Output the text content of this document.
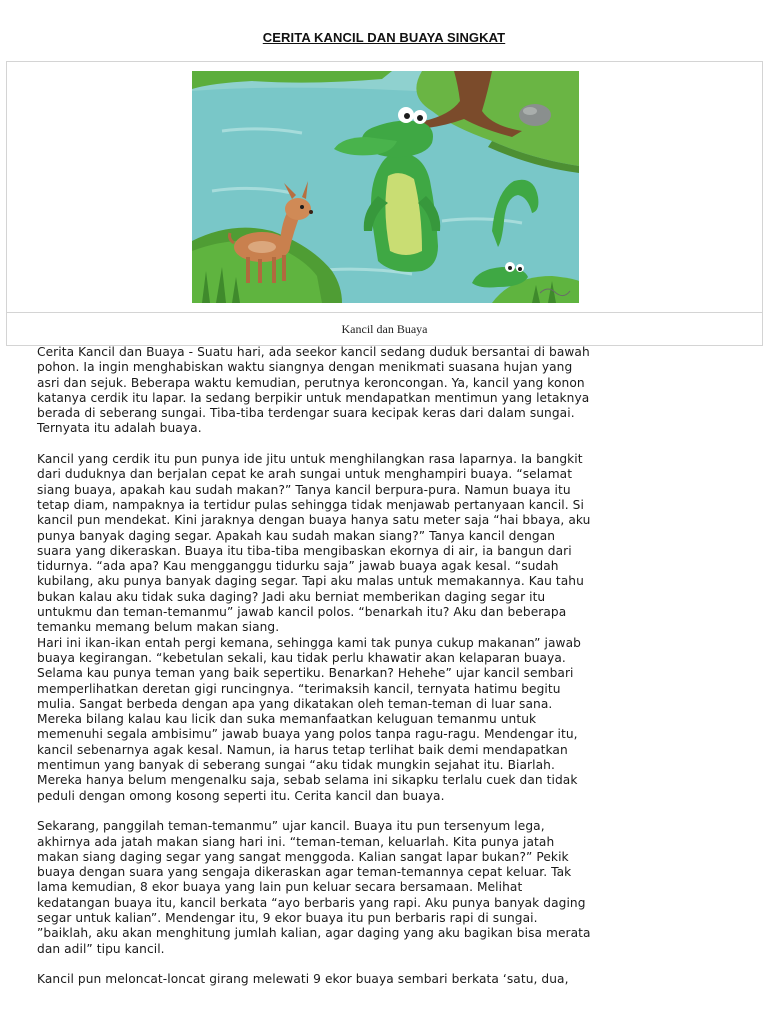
CERITA KANCIL DAN BUAYA SINGKAT
Kancil dan Buaya

Cerita Kancil dan Buaya - Suatu hari, ada seekor kancil sedang duduk bersantai di bawah
pohon. Ia ingin menghabiskan waktu siangnya dengan menikmati suasana hujan yang
asri dan sejuk. Beberapa waktu kemudian, perutnya keroncongan. Ya, kancil yang konon
katanya cerdik itu lapar. Ia sedang berpikir untuk mendapatkan mentimun yang letaknya
berada di seberang sungai. Tiba-tiba terdengar suara kecipak keras dari dalam sungai.
Ternyata itu adalah buaya.

Kancil yang cerdik itu pun punya ide jitu untuk menghilangkan rasa laparnya. Ia bangkit
dari duduknya dan berjalan cepat ke arah sungai untuk menghampiri buaya. “selamat
siang buaya, apakah kau sudah makan?” Tanya kancil berpura-pura. Namun buaya itu
tetap diam, nampaknya ia tertidur pulas sehingga tidak menjawab pertanyaan kancil. Si
kancil pun mendekat. Kini jaraknya dengan buaya hanya satu meter saja “hai bbaya, aku
punya banyak daging segar. Apakah kau sudah makan siang?” Tanya kancil dengan
suara yang dikeraskan. Buaya itu tiba-tiba mengibaskan ekornya di air, ia bangun dari
tidurnya. “ada apa? Kau mengganggu tidurku saja” jawab buaya agak kesal. “sudah
kubilang, aku punya banyak daging segar. Tapi aku malas untuk memakannya. Kau tahu
bukan kalau aku tidak suka daging? Jadi aku berniat memberikan daging segar itu
untukmu dan teman-temanmu” jawab kancil polos. “benarkah itu? Aku dan beberapa
temanku memang belum makan siang.

Hari ini ikan-ikan entah pergi kemana, sehingga kami tak punya cukup makanan” jawab
buaya kegirangan. “kebetulan sekali, kau tidak perlu khawatir akan kelaparan buaya.
Selama kau punya teman yang baik sepertiku. Benarkan? Hehehe” ujar kancil sembari
memperlihatkan deretan gigi runcingnya. “terimaksih kancil, ternyata hatimu begitu
mulia. Sangat berbeda dengan apa yang dikatakan oleh teman-teman di luar sana.
Mereka bilang kalau kau licik dan suka memanfaatkan keluguan temanmu untuk
memenuhi segala ambisimu” jawab buaya yang polos tanpa ragu-ragu. Mendengar itu,
kancil sebenarnya agak kesal. Namun, ia harus tetap terlihat baik demi mendapatkan
mentimun yang banyak di seberang sungai “aku tidak mungkin sejahat itu. Biarlah.
Mereka hanya belum mengenalku saja, sebab selama ini sikapku terlalu cuek dan tidak
peduli dengan omong kosong seperti itu. Cerita kancil dan buaya.

Sekarang, panggilah teman-temanmu” ujar kancil. Buaya itu pun tersenyum lega,
akhirnya ada jatah makan siang hari ini. “teman-teman, keluarlah. Kita punya jatah
makan siang daging segar yang sangat menggoda. Kalian sangat lapar bukan?” Pekik
buaya dengan suara yang sengaja dikeraskan agar teman-temannya cepat keluar. Tak
lama kemudian, 8 ekor buaya yang lain pun keluar secara bersamaan. Melihat
kedatangan buaya itu, kancil berkata “ayo berbaris yang rapi. Aku punya banyak daging
segar untuk kalian”. Mendengar itu, 9 ekor buaya itu pun berbaris rapi di sungai.
”baiklah, aku akan menghitung jumlah kalian, agar daging yang aku bagikan bisa merata
dan adil” tipu kancil.

Kancil pun meloncat-loncat girang melewati 9 ekor buaya sembari berkata ‘satu, dua,
